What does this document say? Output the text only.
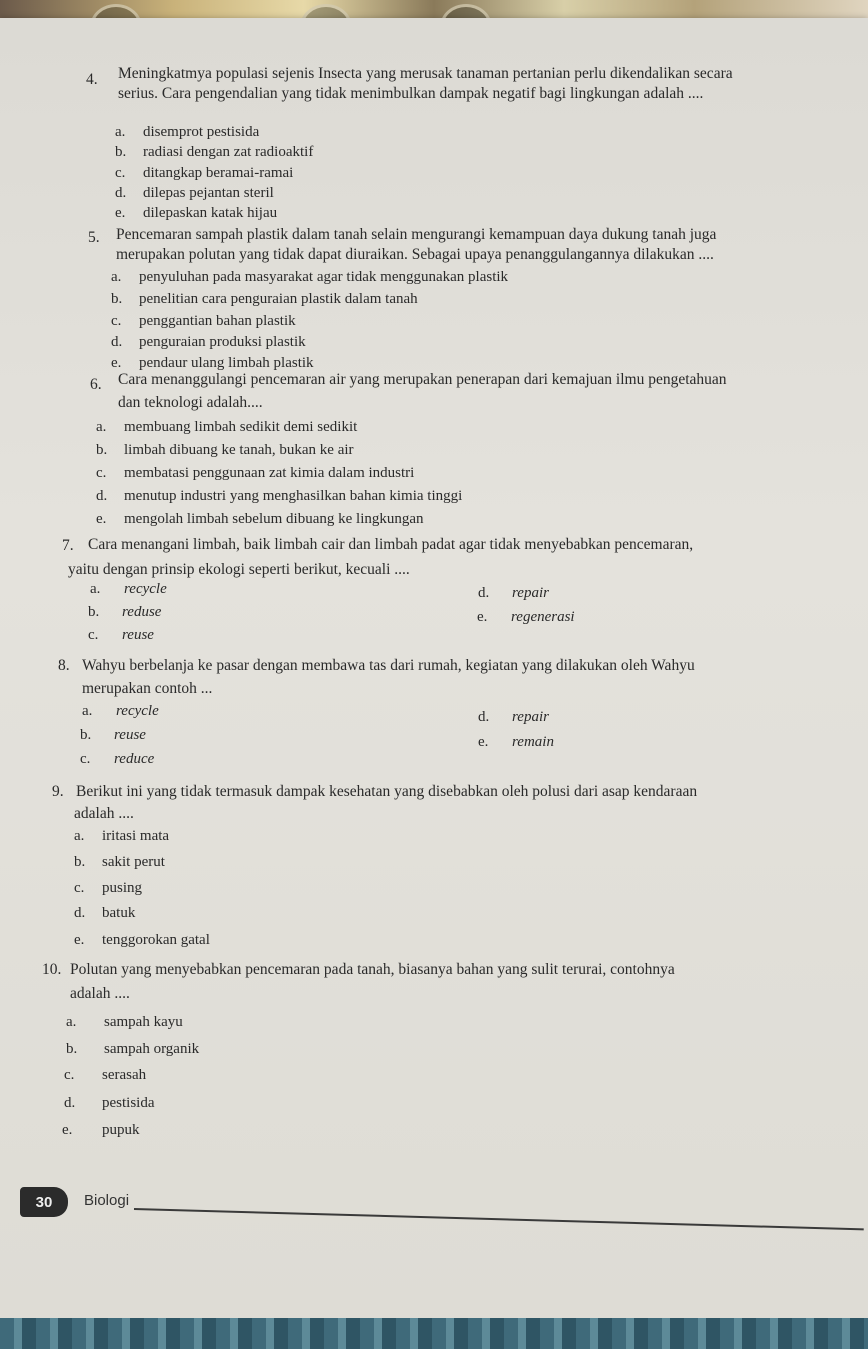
4. Meningkatmya populasi sejenis Insecta yang merusak tanaman pertanian perlu dikendalikan secara
serius. Cara pengendalian yang tidak menimbulkan dampak negatif bagi lingkungan adalah ....
a. disemprot pestisida
b. radiasi dengan zat radioaktif
c. ditangkap beramai-ramai
d. dilepas pejantan steril
e. dilepaskan katak hijau
5. Pencemaran sampah plastik dalam tanah selain mengurangi kemampuan daya dukung tanah juga
merupakan polutan yang tidak dapat diuraikan. Sebagai upaya penanggulangannya dilakukan ....
a. penyuluhan pada masyarakat agar tidak menggunakan plastik
b. penelitian cara penguraian plastik dalam tanah
c. penggantian bahan plastik
d. penguraian produksi plastik
e. pendaur ulang limbah plastik
6. Cara menanggulangi pencemaran air yang merupakan penerapan dari kemajuan ilmu pengetahuan
dan teknologi adalah....
a. membuang limbah sedikit demi sedikit
b. limbah dibuang ke tanah, bukan ke air
c. membatasi penggunaan zat kimia dalam industri
d. menutup industri yang menghasilkan bahan kimia tinggi
e. mengolah limbah sebelum dibuang ke lingkungan
7. Cara menangani limbah, baik limbah cair dan limbah padat agar tidak menyebabkan pencemaran,
yaitu dengan prinsip ekologi seperti berikut, kecuali ....
a. recycle
b. reduse
c. reuse
d. repair
e. regenerasi
8. Wahyu berbelanja ke pasar dengan membawa tas dari rumah, kegiatan yang dilakukan oleh Wahyu
merupakan contoh ...
a. recycle
b. reuse
c. reduce
d. repair
e. remain
9. Berikut ini yang tidak termasuk dampak kesehatan yang disebabkan oleh polusi dari asap kendaraan
adalah ....
a. iritasi mata
b. sakit perut
c. pusing
d. batuk
e. tenggorokan gatal
10. Polutan yang menyebabkan pencemaran pada tanah, biasanya bahan yang sulit terurai, contohnya
adalah ....
a. sampah kayu
b. sampah organik
c. serasah
d. pestisida
e. pupuk
30	Biologi
